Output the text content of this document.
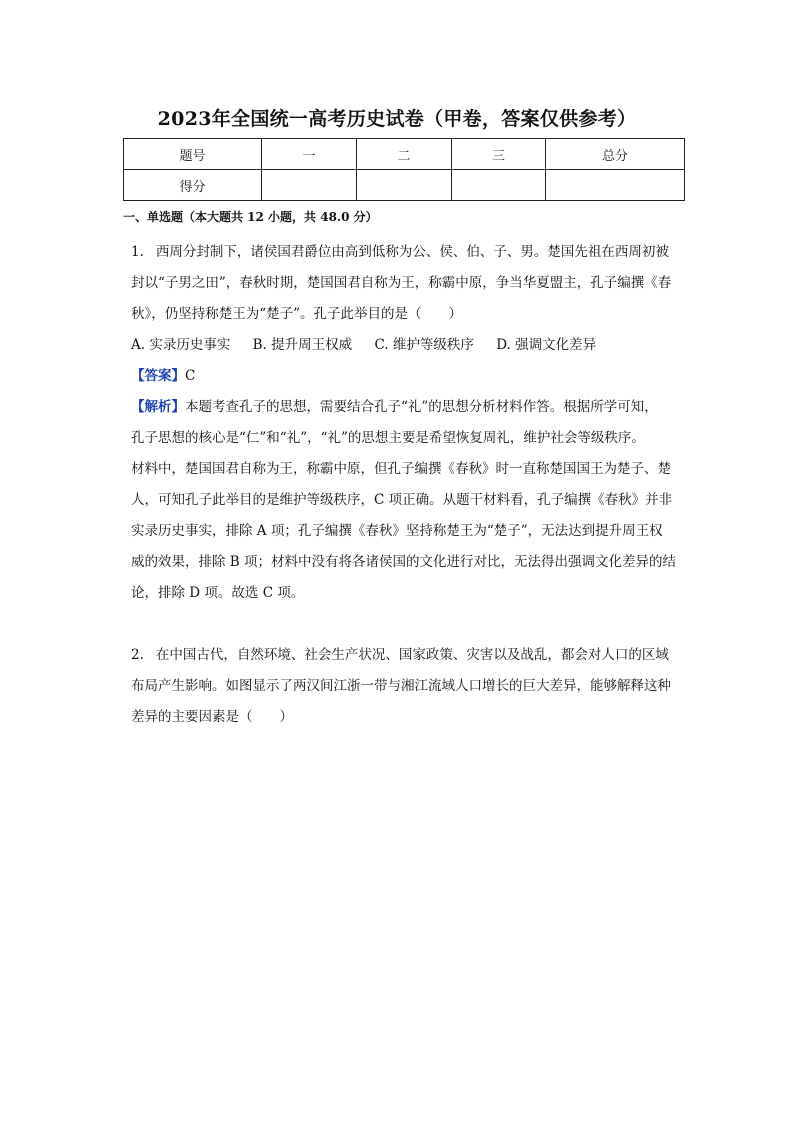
2023年全国统一高考历史试卷（甲卷，答案仅供参考）
题号	一	二	三	总分
得分				
一、单选题（本大题共 12 小题，共 48.0 分）

1. 西周分封制下，诸侯国君爵位由高到低称为公、侯、伯、子、男。楚国先祖在西周初被

封以“子男之田”，春秋时期，楚国国君自称为王，称霸中原，争当华夏盟主，孔子编撰《春

秋》，仍坚持称楚王为“楚子”。孔子此举目的是（　　）

A. 实录历史事实 B. 提升周王权威 C. 维护等级秩序 D. 强调文化差异

【答案】C

【解析】本题考查孔子的思想，需要结合孔子“礼”的思想分析材料作答。根据所学可知，

孔子思想的核心是“仁”和“礼”，“礼”的思想主要是希望恢复周礼，维护社会等级秩序。

材料中，楚国国君自称为王，称霸中原，但孔子编撰《春秋》时一直称楚国国王为楚子、楚

人，可知孔子此举目的是维护等级秩序，C 项正确。从题干材料看，孔子编撰《春秋》并非

实录历史事实，排除 A 项；孔子编撰《春秋》坚持称楚王为“楚子”，无法达到提升周王权

威的效果，排除 B 项；材料中没有将各诸侯国的文化进行对比，无法得出强调文化差异的结

论，排除 D 项。故选 C 项。

2. 在中国古代，自然环境、社会生产状况、国家政策、灾害以及战乱，都会对人口的区域

布局产生影响。如图显示了两汉间江浙一带与湘江流域人口增长的巨大差异，能够解释这种

差异的主要因素是（　　）
